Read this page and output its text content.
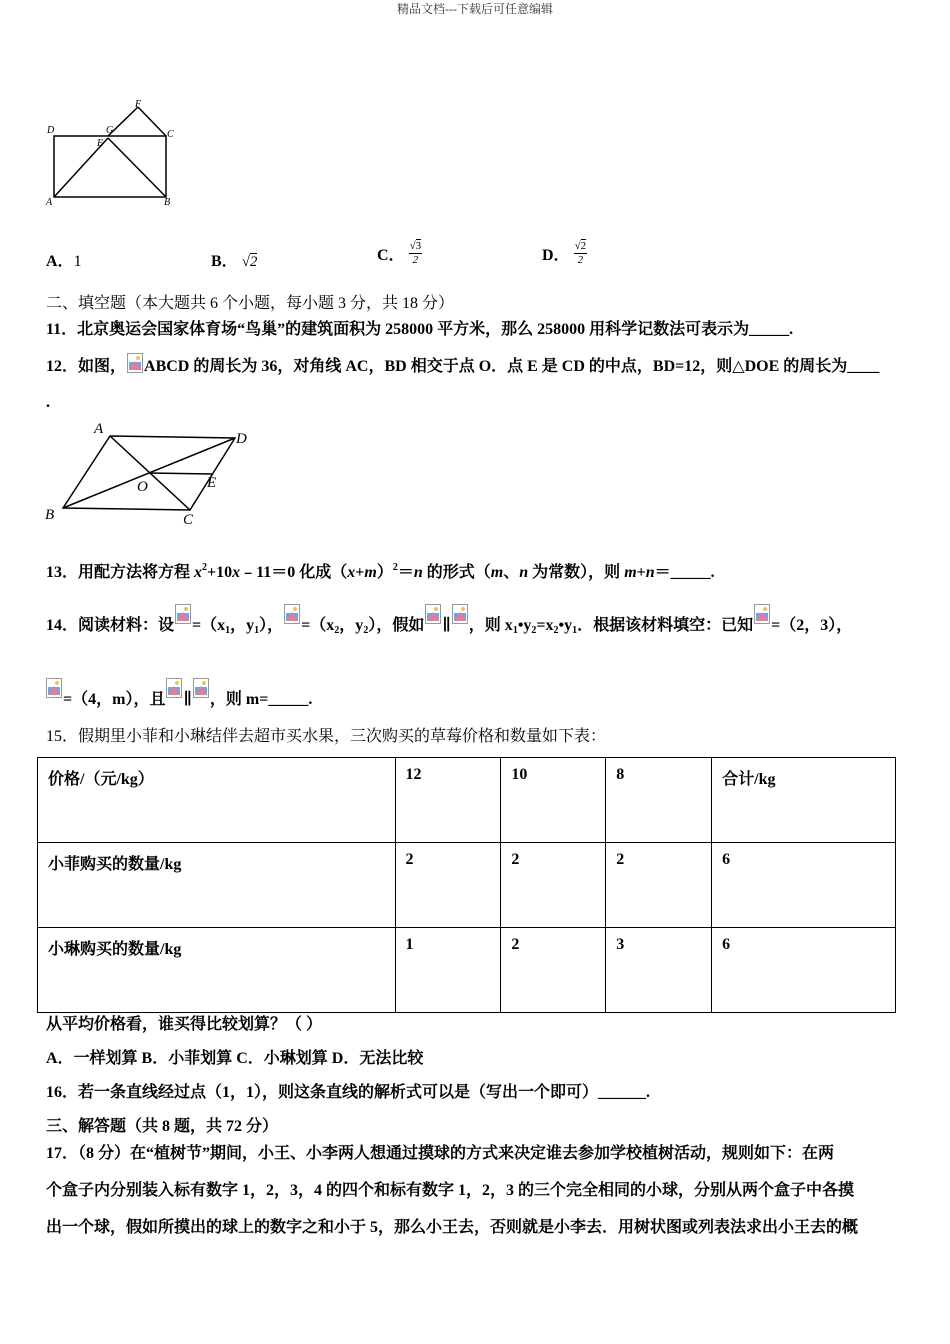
精品文档---下载后可任意编辑
D	G
F
C
E
A	B
A．1	B． √2	C． $\frac{√3}{2}$	D． $\frac{√2}{2}$
二、填空题（本大题共 6 个小题，每小题 3 分，共 18 分）
11．北京奥运会国家体育场“鸟巢”的建筑面积为 258000 平方米，那么 258000 用科学记数法可表示为_____.
12．如图， ABCD 的周长为 36，对角线 AC，BD 相交于点 O．点 E 是 CD 的中点，BD=12，则△DOE 的周长为____
.
A
D
O	E
B	C
13．用配方法将方程 $x^2+10x﹣11=0$ 化成$(x+m)^2=n$ 的形式（m、n 为常数），则 m+n＝_____.
14．阅读材料：设 $=(x_1$，$y_1$）， $=(x_2$，$y_2$），假如 ∥ ，则 $x_1•y_2=x_2•y_1$．根据该材料填空：已知 =（2，3），
=（4，m），且 ∥ ，则 m=_____.
15．假期里小菲和小琳结伴去超市买水果，三次购买的草莓价格和数量如下表：
价格/（元/kg）	12	10	8	合计/kg
小菲购买的数量/kg	2	2	2	6
小琳购买的数量/kg	1	2	3	6
从平均价格看，谁买得比较划算？（ ）
A．一样划算 B．小菲划算 C．小琳划算 D．无法比较
16．若一条直线经过点（1，1），则这条直线的解析式可以是（写出一个即可）______.
三、解答题（共 8 题，共 72 分）
17．（8 分）在“植树节”期间，小王、小李两人想通过摸球的方式来决定谁去参加学校植树活动，规则如下：在两
个盒子内分别装入标有数字 1，2，3，4 的四个和标有数字 1，2，3 的三个完全相同的小球，分别从两个盒子中各摸
出一个球，假如所摸出的球上的数字之和小于 5，那么小王去，否则就是小李去．用树状图或列表法求出小王去的概
